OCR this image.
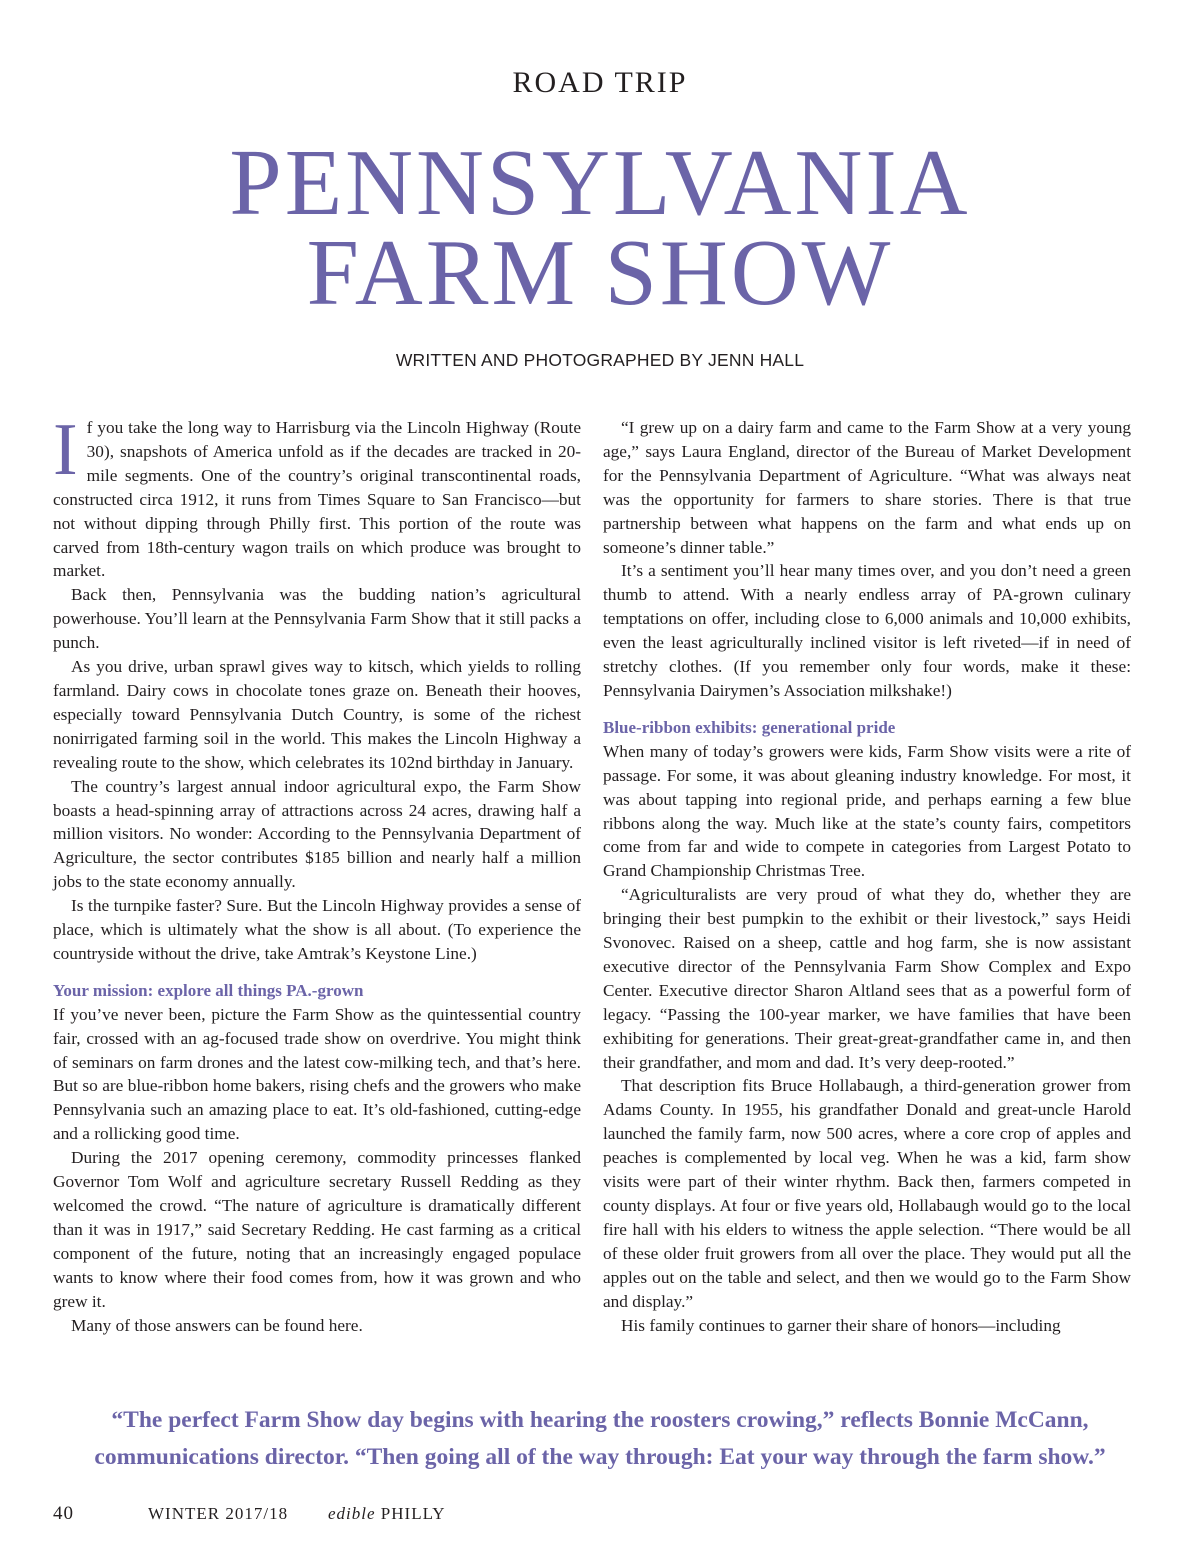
ROAD TRIP
PENNSYLVANIA
FARM SHOW
WRITTEN AND PHOTOGRAPHED BY JENN HALL

If you take the long way to Harrisburg via the Lincoln Highway (Route 30), snapshots of America unfold as if the decades are tracked in 20-mile segments. One of the country’s original transcontinental roads, constructed circa 1912, it runs from Times Square to San Francisco—but not without dipping through Philly first. This portion of the route was carved from 18th-century wagon trails on which produce was brought to market.

Back then, Pennsylvania was the budding nation’s agricultural powerhouse. You’ll learn at the Pennsylvania Farm Show that it still packs a punch.

As you drive, urban sprawl gives way to kitsch, which yields to rolling farmland. Dairy cows in chocolate tones graze on. Beneath their hooves, especially toward Pennsylvania Dutch Country, is some of the richest nonirrigated farming soil in the world. This makes the Lincoln Highway a revealing route to the show, which celebrates its 102nd birthday in January.

The country’s largest annual indoor agricultural expo, the Farm Show boasts a head-spinning array of attractions across 24 acres, drawing half a million visitors. No wonder: According to the Pennsylvania Department of Agriculture, the sector contributes $185 billion and nearly half a million jobs to the state economy annually.

Is the turnpike faster? Sure. But the Lincoln Highway provides a sense of place, which is ultimately what the show is all about. (To experience the countryside without the drive, take Amtrak’s Keystone Line.)

Your mission: explore all things PA.-grown

If you’ve never been, picture the Farm Show as the quintessential country fair, crossed with an ag-focused trade show on overdrive. You might think of seminars on farm drones and the latest cow-milking tech, and that’s here. But so are blue-ribbon home bakers, rising chefs and the growers who make Pennsylvania such an amazing place to eat. It’s old-fashioned, cutting-edge and a rollicking good time.

During the 2017 opening ceremony, commodity princesses flanked Governor Tom Wolf and agriculture secretary Russell Redding as they welcomed the crowd. “The nature of agriculture is dramatically different than it was in 1917,” said Secretary Redding. He cast farming as a critical component of the future, noting that an increasingly engaged populace wants to know where their food comes from, how it was grown and who grew it.

Many of those answers can be found here.

“I grew up on a dairy farm and came to the Farm Show at a very young age,” says Laura England, director of the Bureau of Market Development for the Pennsylvania Department of Agriculture. “What was always neat was the opportunity for farmers to share stories. There is that true partnership between what happens on the farm and what ends up on someone’s dinner table.”

It’s a sentiment you’ll hear many times over, and you don’t need a green thumb to attend. With a nearly endless array of PA-grown culinary temptations on offer, including close to 6,000 animals and 10,000 exhibits, even the least agriculturally inclined visitor is left riveted—if in need of stretchy clothes. (If you remember only four words, make it these: Pennsylvania Dairymen’s Association milkshake!)

Blue-ribbon exhibits: generational pride

When many of today’s growers were kids, Farm Show visits were a rite of passage. For some, it was about gleaning industry knowledge. For most, it was about tapping into regional pride, and perhaps earning a few blue ribbons along the way. Much like at the state’s county fairs, competitors come from far and wide to compete in categories from Largest Potato to Grand Championship Christmas Tree.

“Agriculturalists are very proud of what they do, whether they are bringing their best pumpkin to the exhibit or their livestock,” says Heidi Svonovec. Raised on a sheep, cattle and hog farm, she is now assistant executive director of the Pennsylvania Farm Show Complex and Expo Center. Executive director Sharon Altland sees that as a powerful form of legacy. “Passing the 100-year marker, we have families that have been exhibiting for generations. Their great-great-grandfather came in, and then their grandfather, and mom and dad. It’s very deep-rooted.”

That description fits Bruce Hollabaugh, a third-generation grower from Adams County. In 1955, his grandfather Donald and great-uncle Harold launched the family farm, now 500 acres, where a core crop of apples and peaches is complemented by local veg. When he was a kid, farm show visits were part of their winter rhythm. Back then, farmers competed in county displays. At four or five years old, Hollabaugh would go to the local fire hall with his elders to witness the apple selection. “There would be all of these older fruit growers from all over the place. They would put all the apples out on the table and select, and then we would go to the Farm Show and display.”

His family continues to garner their share of honors—including

“The perfect Farm Show day begins with hearing the roosters crowing,” reflects Bonnie McCann,
communications director. “Then going all of the way through: Eat your way through the farm show.”
40	WINTER 2017/18 edible PHILLY
